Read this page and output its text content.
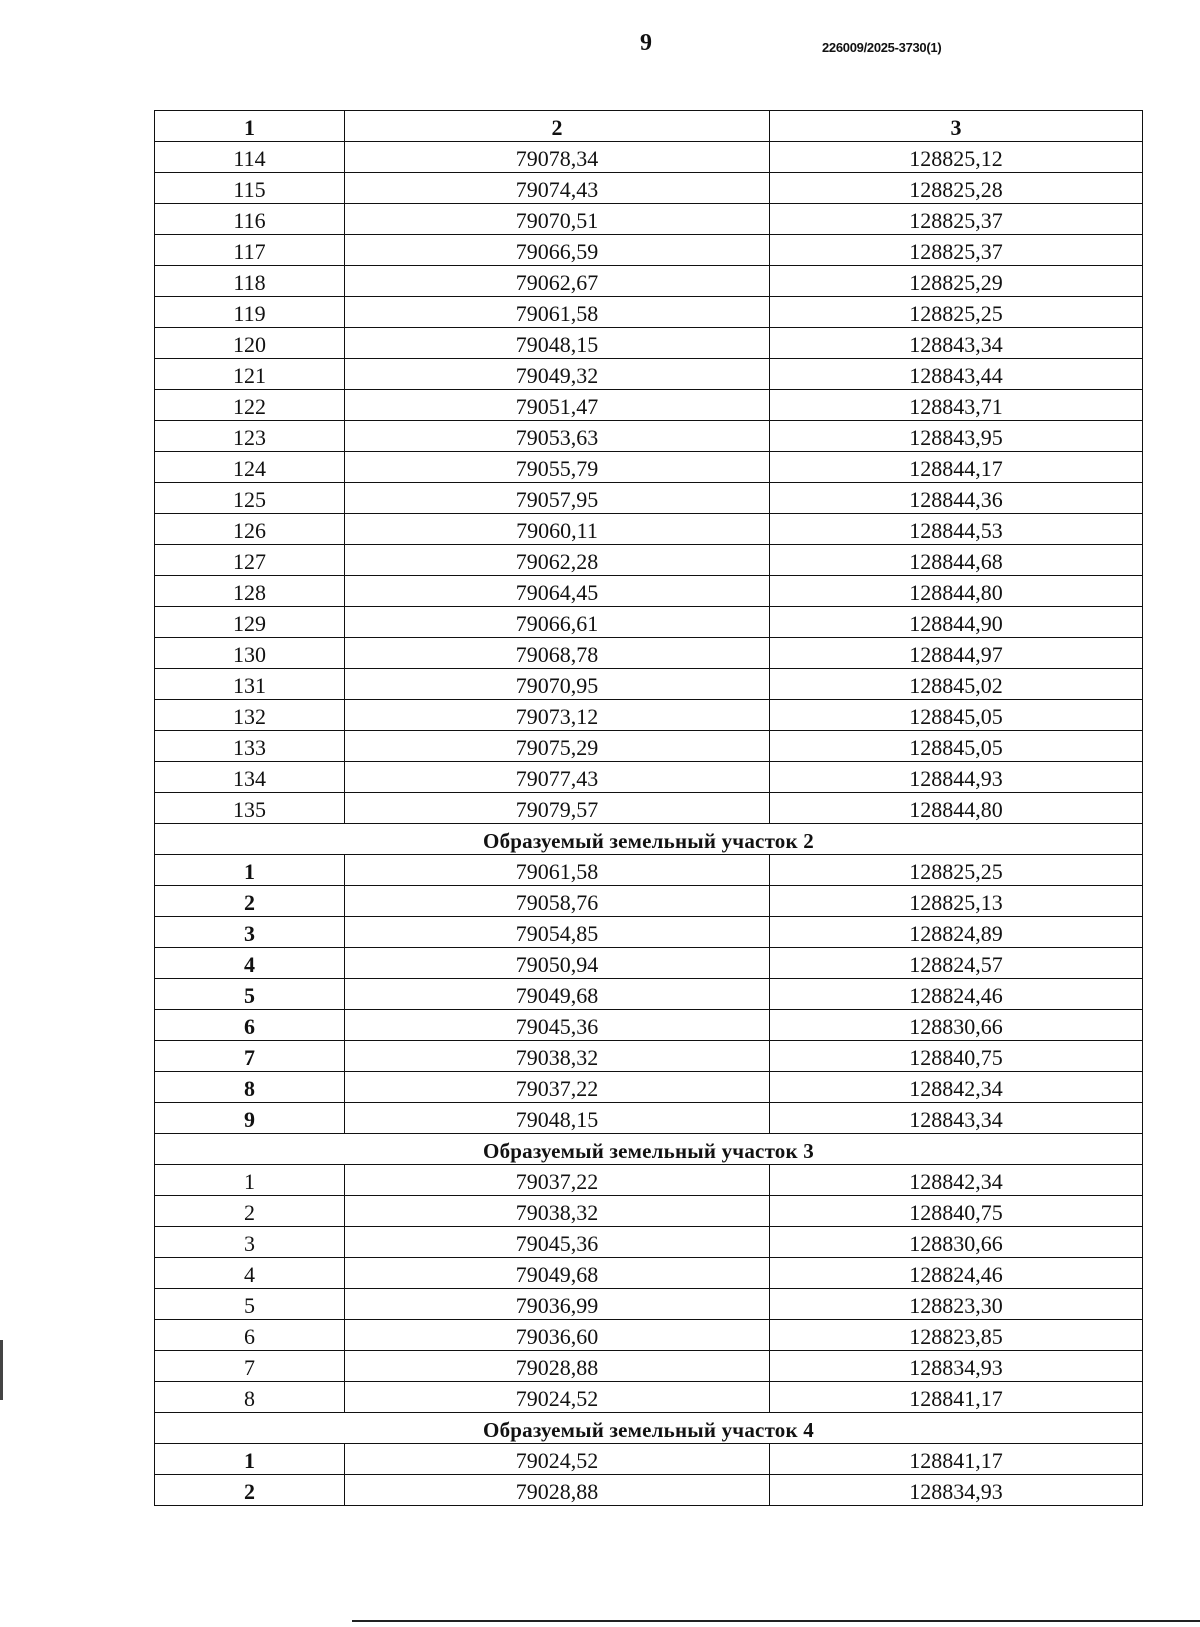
9	226009/2025-3730(1)
1	2	3
114	79078,34	128825,12
115	79074,43	128825,28
116	79070,51	128825,37
117	79066,59	128825,37
118	79062,67	128825,29
119	79061,58	128825,25
120	79048,15	128843,34
121	79049,32	128843,44
122	79051,47	128843,71
123	79053,63	128843,95
124	79055,79	128844,17
125	79057,95	128844,36
126	79060,11	128844,53
127	79062,28	128844,68
128	79064,45	128844,80
129	79066,61	128844,90
130	79068,78	128844,97
131	79070,95	128845,02
132	79073,12	128845,05
133	79075,29	128845,05
134	79077,43	128844,93
135	79079,57	128844,80
Образуемый земельный участок 2		
1	79061,58	128825,25
2	79058,76	128825,13
3	79054,85	128824,89
4	79050,94	128824,57
5	79049,68	128824,46
6	79045,36	128830,66
7	79038,32	128840,75
8	79037,22	128842,34
9	79048,15	128843,34
Образуемый земельный участок 3		
1	79037,22	128842,34
2	79038,32	128840,75
3	79045,36	128830,66
4	79049,68	128824,46
5	79036,99	128823,30
6	79036,60	128823,85
7	79028,88	128834,93
8	79024,52	128841,17
Образуемый земельный участок 4		
1	79024,52	128841,17
2	79028,88	128834,93
